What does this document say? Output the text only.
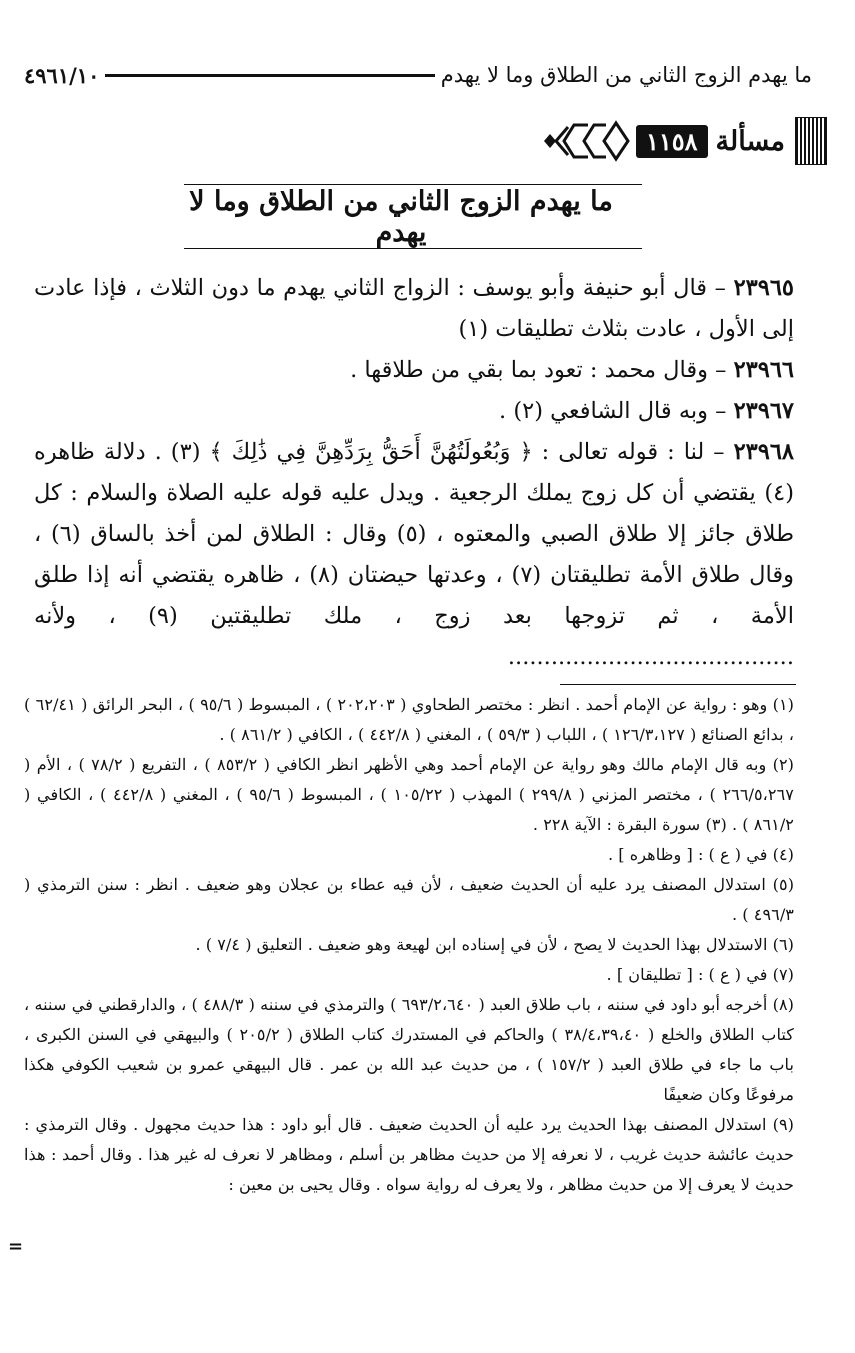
ما يهدم الزوج الثاني من الطلاق وما لا يهدم
٤٩٦١/١٠
مسألة
١١٥٨
ما يهدم الزوج الثاني من الطلاق وما لا يهدم

٢٣٩٦٥ – قال أبو حنيفة وأبو يوسف : الزواج الثاني يهدم ما دون الثلاث ، فإذا عادت إلى الأول ، عادت بثلاث تطليقات (١)

٢٣٩٦٦ – وقال محمد : تعود بما بقي من طلاقها .

٢٣٩٦٧ – وبه قال الشافعي (٢) .

٢٣٩٦٨ – لنا : قوله تعالى : ﴿ وَبُعُولَتُهُنَّ أَحَقُّ بِرَدِّهِنَّ فِي ذَٰلِكَ ﴾ (٣) . دلالة ظاهره (٤) يقتضي أن كل زوج يملك الرجعية . ويدل عليه قوله عليه الصلاة والسلام : كل طلاق جائز إلا طلاق الصبي والمعتوه ، (٥) وقال : الطلاق لمن أخذ بالساق (٦) ، وقال طلاق الأمة تطليقتان (٧) ، وعدتها حيضتان (٨) ، ظاهره يقتضي أنه إذا طلق الأمة ، ثم تزوجها بعد زوج ، ملك تطليقتين (٩) ، ولأنه ........................................

(١) وهو : رواية عن الإمام أحمد . انظر : مختصر الطحاوي ( ٢٠٢،٢٠٣ ) ، المبسوط ( ٩٥/٦ ) ، البحر الرائق ( ٦٢/٤١ ) ، بدائع الصنائع ( ١٢٦/٣،١٢٧ ) ، اللباب ( ٥٩/٣ ) ، المغني ( ٤٤٢/٨ ) ، الكافي ( ٨٦١/٢ ) .

(٢) وبه قال الإمام مالك وهو رواية عن الإمام أحمد وهي الأظهر انظر الكافي ( ٨٥٣/٢ ) ، التفريع ( ٧٨/٢ ) ، الأم ( ٢٦٦/٥،٢٦٧ ) ، مختصر المزني ( ٢٩٩/٨ ) المهذب ( ١٠٥/٢٢ ) ، المبسوط ( ٩٥/٦ ) ، المغني ( ٤٤٢/٨ ) ، الكافي ( ٨٦١/٢ ) . (٣) سورة البقرة : الآية ٢٢٨ .

(٤) في ( ع ) : [ وظاهره ] .

(٥) استدلال المصنف يرد عليه أن الحديث ضعيف ، لأن فيه عطاء بن عجلان وهو ضعيف . انظر : سنن الترمذي ( ٤٩٦/٣ ) .

(٦) الاستدلال بهذا الحديث لا يصح ، لأن في إسناده ابن لهيعة وهو ضعيف . التعليق ( ٧/٤ ) .

(٧) في ( ع ) : [ تطليقان ] .

(٨) أخرجه أبو داود في سننه ، باب طلاق العبد ( ٦٩٣/٢،٦٤٠ ) والترمذي في سننه ( ٤٨٨/٣ ) ، والدارقطني في سننه ، كتاب الطلاق والخلع ( ٣٨/٤،٣٩،٤٠ ) والحاكم في المستدرك كتاب الطلاق ( ٢٠٥/٢ ) والبيهقي في السنن الكبرى ، باب ما جاء في طلاق العبد ( ١٥٧/٢ ) ، من حديث عبد الله بن عمر . قال البيهقي عمرو بن شعيب الكوفي هكذا مرفوعًا وكان ضعيفًا

(٩) استدلال المصنف بهذا الحديث يرد عليه أن الحديث ضعيف . قال أبو داود : هذا حديث مجهول . وقال الترمذي : حديث عائشة حديث غريب ، لا نعرفه إلا من حديث مظاهر بن أسلم ، ومظاهر لا نعرف له غير هذا . وقال أحمد : هذا حديث لا يعرف إلا من حديث مظاهر ، ولا يعرف له رواية سواه . وقال يحيى بن معين :

=
